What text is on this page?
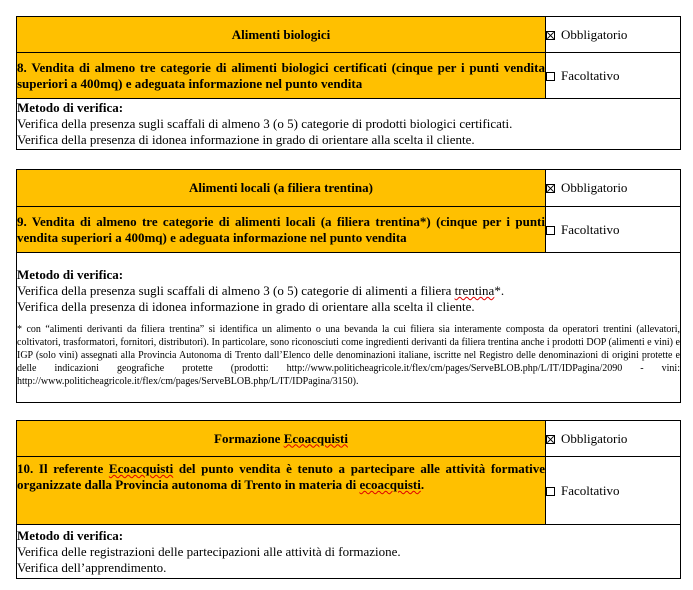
Alimenti biologici	Obbligatorio
8. Vendita di almeno tre categorie di alimenti biologici certificati (cinque per i punti vendita superiori a 400mq) e adeguata informazione nel punto vendita	Facoltativo

Metodo di verifica:
Verifica della presenza sugli scaffali di almeno 3 (o 5) categorie di prodotti biologici certificati.
Verifica della presenza di idonea informazione in grado di orientare alla scelta il cliente.	
Alimenti locali (a filiera trentina)	Obbligatorio
9. Vendita di almeno tre categorie di alimenti locali (a filiera trentina*) (cinque per i punti vendita superiori a 400mq) e adeguata informazione nel punto vendita	Facoltativo

Metodo di verifica:
Verifica della presenza sugli scaffali di almeno 3 (o 5) categorie di alimenti a filiera trentina*.
Verifica della presenza di idonea informazione in grado di orientare alla scelta il cliente.
* con “alimenti derivanti da filiera trentina” si identifica un alimento o una bevanda la cui filiera sia interamente composta da operatori trentini (allevatori, coltivatori, trasformatori, fornitori, distributori). In particolare, sono riconosciuti come ingredienti derivanti da filiera trentina anche i prodotti DOP (alimenti e vini) e IGP (solo vini) assegnati alla Provincia Autonoma di Trento dall’Elenco delle denominazioni italiane, iscritte nel Registro delle denominazioni di origini protette e delle indicazioni geografiche protette (prodotti: http://www.politicheagricole.it/flex/cm/pages/ServeBLOB.php/L/IT/IDPagina/2090 - vini: http://www.politicheagricole.it/flex/cm/pages/ServeBLOB.php/L/IT/IDPagina/3150).	
Formazione Ecoacquisti	Obbligatorio
10. Il referente Ecoacquisti del punto vendita è tenuto a partecipare alle attività formative organizzate dalla Provincia autonoma di Trento in materia di ecoacquisti.	Facoltativo

Metodo di verifica:
Verifica delle registrazioni delle partecipazioni alle attività di formazione.
Verifica dell’apprendimento.	
